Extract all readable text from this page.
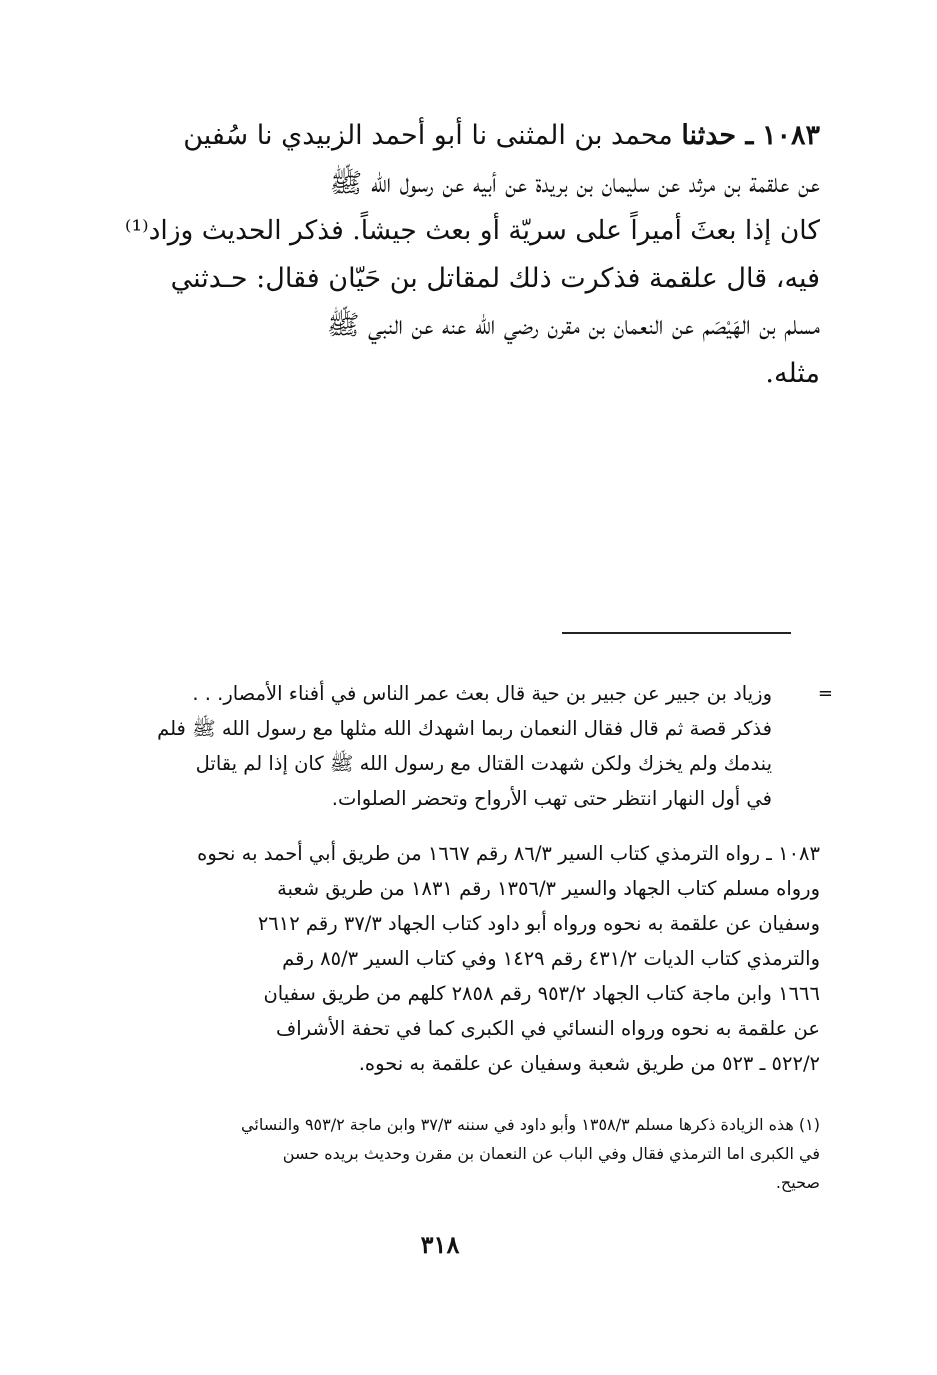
١٠٨٣ ـ حدثنا محمد بن المثنى نا أبو أحمد الزبيدي نا سُفين
عن علقمة بن مرثد عن سليمان بن بريدة عن أبيه عن رسول الله ﷺ
كان إذا بعثَ أميراً على سريّة أو بعث جيشاً. فذكر الحديث وزاد⁽¹⁾
فيه، قال علقمة فذكرت ذلك لمقاتل بن حَيّان فقال: حـدثني
مسلم بن الهَيْصَم عن النعمان بن مقرن رضي الله عنه عن النبي ﷺ
مثله.
=
وزياد بن جبير عن جبير بن حية قال بعث عمر الناس في أفناء الأمصار. . .
فذكر قصة ثم قال فقال النعمان ربما اشهدك الله مثلها مع رسول الله ﷺ فلم
يندمك ولم يخزك ولكن شهدت القتال مع رسول الله ﷺ كان إذا لم يقاتل
في أول النهار انتظر حتى تهب الأرواح وتحضر الصلوات.
١٠٨٣ ـ رواه الترمذي كتاب السير ٨٦/٣ رقم ١٦٦٧ من طريق أبي أحمد به نحوه
ورواه مسلم كتاب الجهاد والسير ١٣٥٦/٣ رقم ١٨٣١ من طريق شعبة
وسفيان عن علقمة به نحوه ورواه أبو داود كتاب الجهاد ٣٧/٣ رقم ٢٦١٢
والترمذي كتاب الديات ٤٣١/٢ رقم ١٤٢٩ وفي كتاب السير ٨٥/٣ رقم
١٦٦٦ وابن ماجة كتاب الجهاد ٩٥٣/٢ رقم ٢٨٥٨ كلهم من طريق سفيان
عن علقمة به نحوه ورواه النسائي في الكبرى كما في تحفة الأشراف
٥٢٢/٢ ـ ٥٢٣ من طريق شعبة وسفيان عن علقمة به نحوه.
(١) هذه الزيادة ذكرها مسلم ١٣٥٨/٣ وأبو داود في سننه ٣٧/٣ وابن ماجة ٩٥٣/٢ والنسائي
في الكبرى اما الترمذي فقال وفي الباب عن النعمان بن مقرن وحديث بريده حسن
صحيح.
٣١٨
